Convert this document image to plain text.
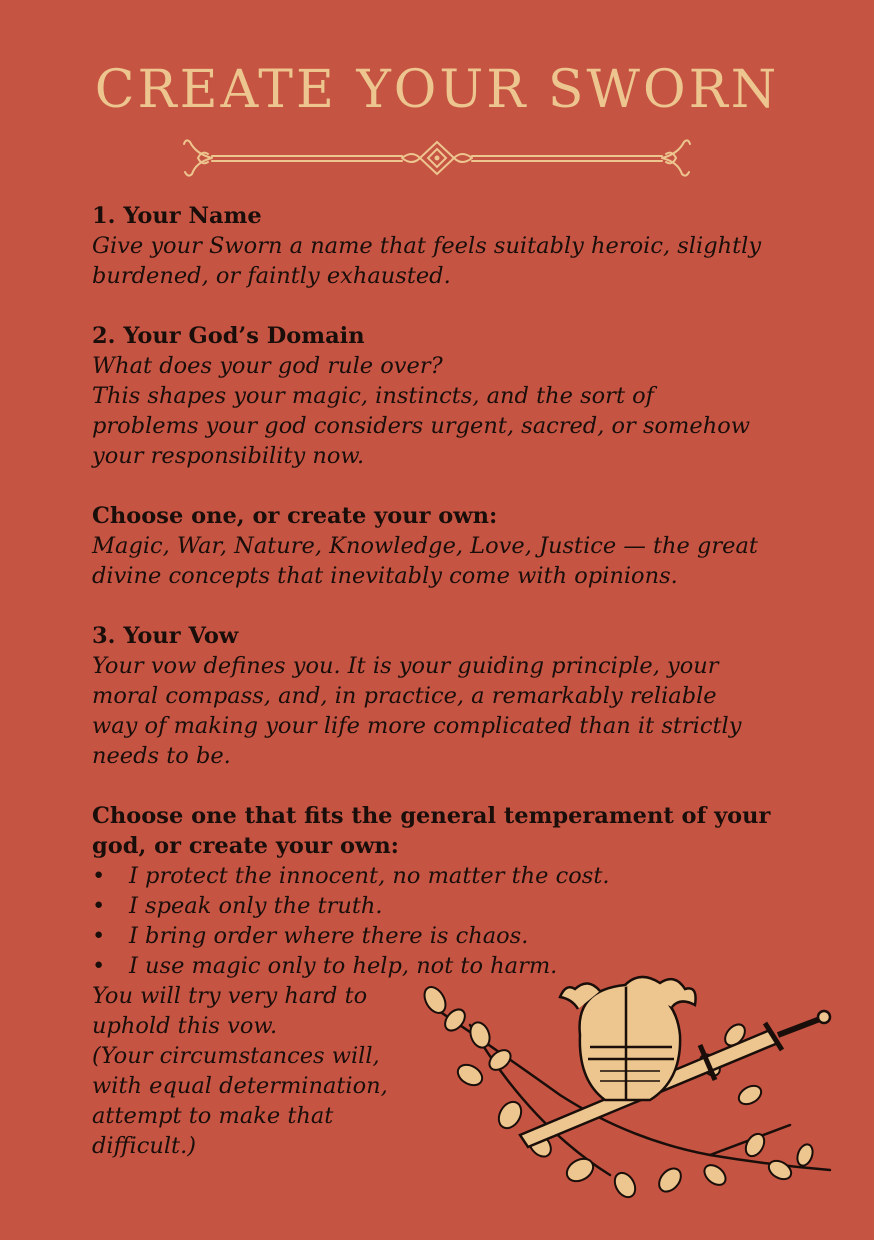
CREATE YOUR SWORN

1. Your Name

Give your Sworn a name that feels suitably heroic, slightly

burdened, or faintly exhausted.

2. Your God’s Domain

What does your god rule over?

This shapes your magic, instincts, and the sort of

problems your god considers urgent, sacred, or somehow

your responsibility now.

Choose one, or create your own:

Magic, War, Nature, Knowledge, Love, Justice — the great

divine concepts that inevitably come with opinions.

3. Your Vow

Your vow defines you. It is your guiding principle, your

moral compass, and, in practice, a remarkably reliable

way of making your life more complicated than it strictly

needs to be.

Choose one that fits the general temperament of your

god, or create your own:

• I protect the innocent, no matter the cost.
• I speak only the truth.
• I bring order where there is chaos.
• I use magic only to help, not to harm.

You will try very hard to

uphold this vow.

(Your circumstances will,

with equal determination,

attempt to make that

difficult.)
